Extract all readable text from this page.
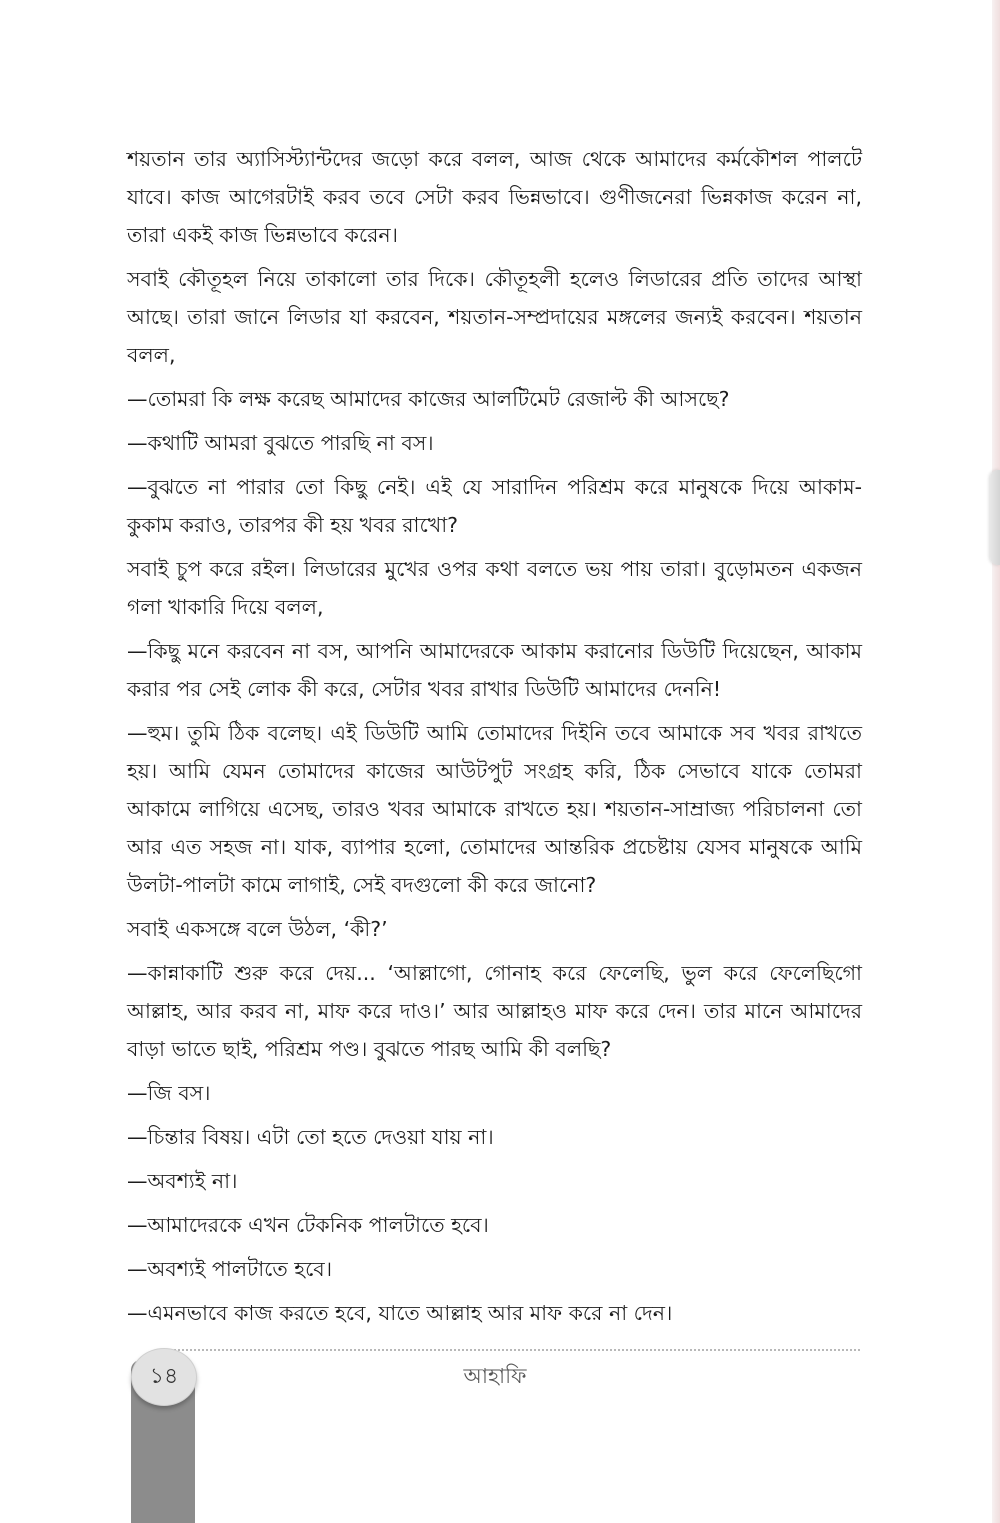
শয়তান তার অ্যাসিস্ট্যান্টদের জড়ো করে বলল, আজ থেকে আমাদের কর্মকৌশল পালটে যাবে। কাজ আগেরটাই করব তবে সেটা করব ভিন্নভাবে। গুণীজনেরা ভিন্নকাজ করেন না, তারা একই কাজ ভিন্নভাবে করেন।

সবাই কৌতূহল নিয়ে তাকালো তার দিকে। কৌতূহলী হলেও লিডারের প্রতি তাদের আস্থা আছে। তারা জানে লিডার যা করবেন, শয়তান-সম্প্রদায়ের মঙ্গলের জন্যই করবেন। শয়তান বলল,

—তোমরা কি লক্ষ করেছ আমাদের কাজের আলটিমেট রেজাল্ট কী আসছে?

—কথাটি আমরা বুঝতে পারছি না বস।

—বুঝতে না পারার তো কিছু নেই। এই যে সারাদিন পরিশ্রম করে মানুষকে দিয়ে আকাম-কুকাম করাও, তারপর কী হয় খবর রাখো?

সবাই চুপ করে রইল। লিডারের মুখের ওপর কথা বলতে ভয় পায় তারা। বুড়োমতন একজন গলা খাকারি দিয়ে বলল,

—কিছু মনে করবেন না বস, আপনি আমাদেরকে আকাম করানোর ডিউটি দিয়েছেন, আকাম করার পর সেই লোক কী করে, সেটার খবর রাখার ডিউটি আমাদের দেননি!

—হুম। তুমি ঠিক বলেছ। এই ডিউটি আমি তোমাদের দিইনি তবে আমাকে সব খবর রাখতে হয়। আমি যেমন তোমাদের কাজের আউটপুট সংগ্রহ করি, ঠিক সেভাবে যাকে তোমরা আকামে লাগিয়ে এসেছ, তারও খবর আমাকে রাখতে হয়। শয়তান-সাম্রাজ্য পরিচালনা তো আর এত সহজ না। যাক, ব্যাপার হলো, তোমাদের আন্তরিক প্রচেষ্টায় যেসব মানুষকে আমি উলটা-পালটা কামে লাগাই, সেই বদগুলো কী করে জানো?

সবাই একসঙ্গে বলে উঠল, ‘কী?’

—কান্নাকাটি শুরু করে দেয়... ‘আল্লাগো, গোনাহ করে ফেলেছি, ভুল করে ফেলেছিগো আল্লাহ, আর করব না, মাফ করে দাও।’ আর আল্লাহও মাফ করে দেন। তার মানে আমাদের বাড়া ভাতে ছাই, পরিশ্রম পণ্ড। বুঝতে পারছ আমি কী বলছি?

—জি বস।

—চিন্তার বিষয়। এটা তো হতে দেওয়া যায় না।

—অবশ্যই না।

—আমাদেরকে এখন টেকনিক পালটাতে হবে।

—অবশ্যই পালটাতে হবে।

—এমনভাবে কাজ করতে হবে, যাতে আল্লাহ আর মাফ করে না দেন।

১৪	আহাফি
